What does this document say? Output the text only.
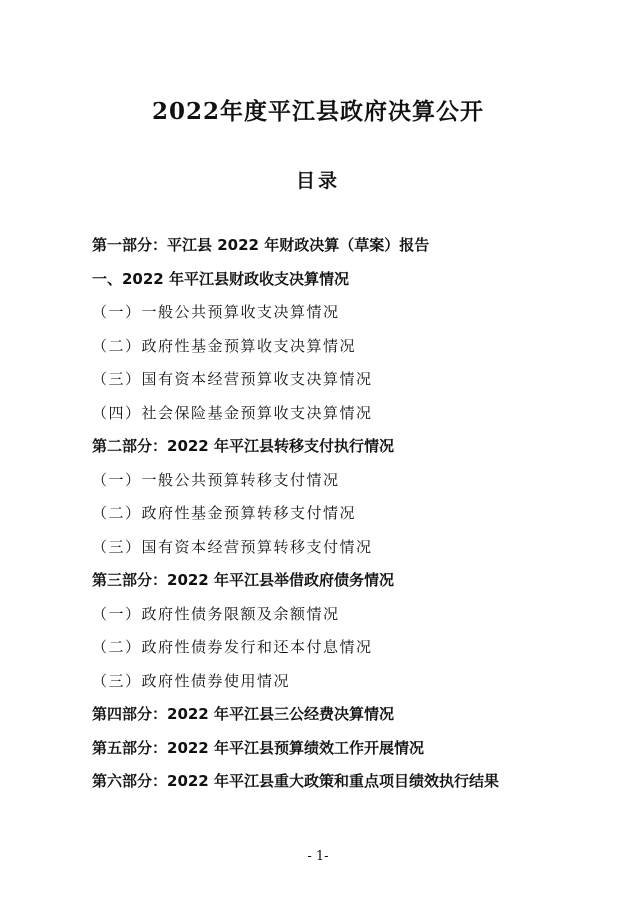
2022年度平江县政府决算公开
目录
第一部分：平江县 2022 年财政决算（草案）报告
一、2022 年平江县财政收支决算情况
（一）一般公共预算收支决算情况
（二）政府性基金预算收支决算情况
（三）国有资本经营预算收支决算情况
（四）社会保险基金预算收支决算情况
第二部分：2022 年平江县转移支付执行情况
（一）一般公共预算转移支付情况
（二）政府性基金预算转移支付情况
（三）国有资本经营预算转移支付情况
第三部分：2022 年平江县举借政府债务情况
（一）政府性债务限额及余额情况
（二）政府性债券发行和还本付息情况
（三）政府性债券使用情况
第四部分：2022 年平江县三公经费决算情况
第五部分：2022 年平江县预算绩效工作开展情况
第六部分：2022 年平江县重大政策和重点项目绩效执行结果
- 1-
